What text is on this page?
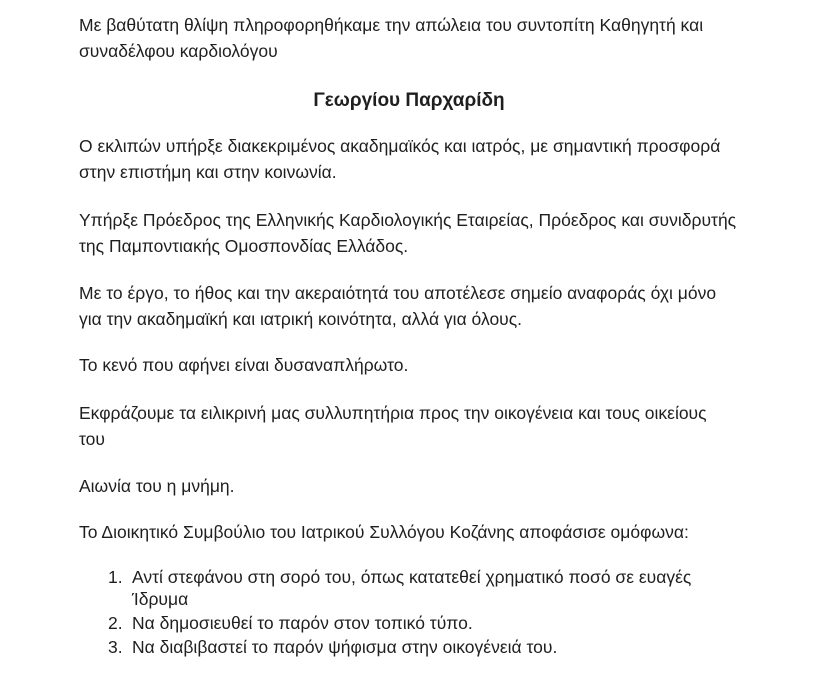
Με βαθύτατη θλίψη πληροφορηθήκαμε την απώλεια του συντοπίτη Καθηγητή και
συναδέλφου καρδιολόγου

Γεωργίου Παρχαρίδη

Ο εκλιπών υπήρξε διακεκριμένος ακαδημαϊκός και ιατρός, με σημαντική προσφορά
στην επιστήμη και στην κοινωνία.

Υπήρξε Πρόεδρος της Ελληνικής Καρδιολογικής Εταιρείας, Πρόεδρος και συνιδρυτής
της Παμποντιακής Ομοσπονδίας Ελλάδος.

Με το έργο, το ήθος και την ακεραιότητά του αποτέλεσε σημείο αναφοράς όχι μόνο
για την ακαδημαϊκή και ιατρική κοινότητα, αλλά για όλους.

Το κενό που αφήνει είναι δυσαναπλήρωτο.

Εκφράζουμε τα ειλικρινή μας συλλυπητήρια προς την οικογένεια και τους οικείους
του

Αιωνία του η μνήμη.

Το Διοικητικό Συμβούλιο του Ιατρικού Συλλόγου Κοζάνης αποφάσισε ομόφωνα:

1. Αντί στεφάνου στη σορό του, όπως κατατεθεί χρηματικό ποσό σε ευαγές
Ίδρυμα
2. Να δημοσιευθεί το παρόν στον τοπικό τύπο.
3. Να διαβιβαστεί το παρόν ψήφισμα στην οικογένειά του.
